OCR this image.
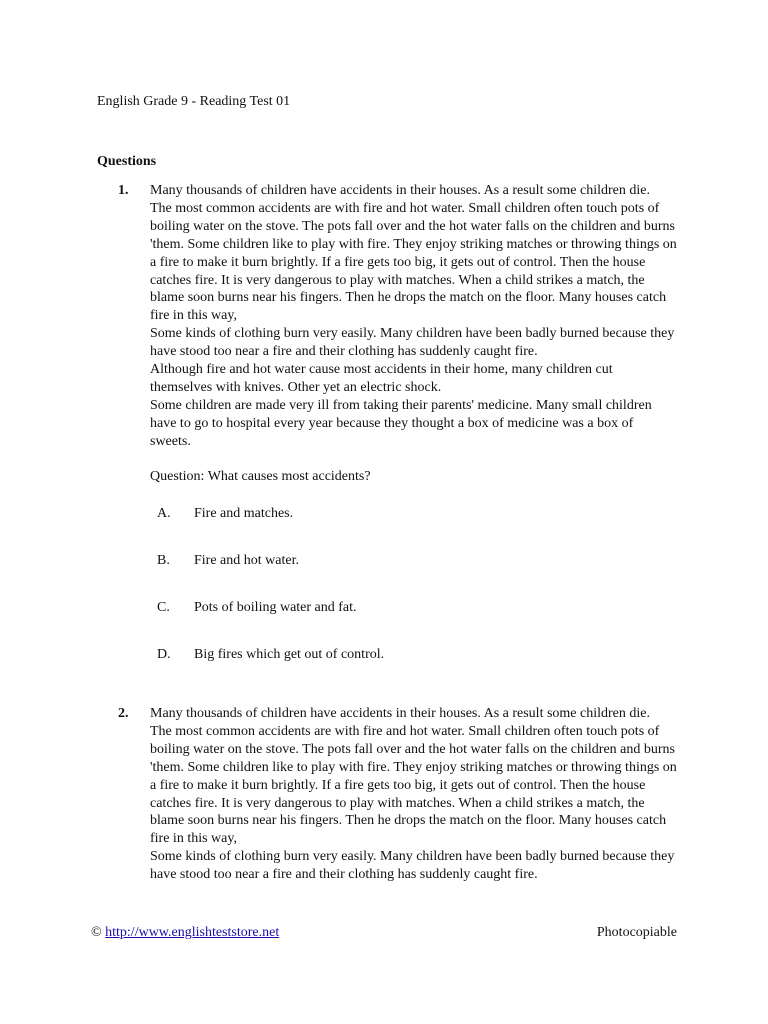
English Grade 9 - Reading Test 01
Questions
1. Many thousands of children have accidents in their houses. As a result some children die.

The most common accidents are with fire and hot water. Small children often touch pots of boiling water on the stove. The pots fall over and the hot water falls on the children and burns 'them. Some children like to play with fire. They enjoy striking matches or throwing things on a fire to make it burn brightly. If a fire gets too big, it gets out of control. Then the house catches fire. It is very dangerous to play with matches. When a child strikes a match, the blame soon burns near his fingers. Then he drops the match on the floor. Many houses catch fire in this way,

Some kinds of clothing burn very easily. Many children have been badly burned because they have stood too near a fire and their clothing has suddenly caught fire.

Although fire and hot water cause most accidents in their home, many children cut themselves with knives. Other yet an electric shock.

Some children are made very ill from taking their parents' medicine. Many small children have to go to hospital every year because they thought a box of medicine was a box of sweets.

Question: What causes most accidents?

A.	Fire and matches.
B.	Fire and hot water.
C.	Pots of boiling water and fat.
D.	Big fires which get out of control.
2. Many thousands of children have accidents in their houses. As a result some children die.

The most common accidents are with fire and hot water. Small children often touch pots of boiling water on the stove. The pots fall over and the hot water falls on the children and burns 'them. Some children like to play with fire. They enjoy striking matches or throwing things on a fire to make it burn brightly. If a fire gets too big, it gets out of control. Then the house catches fire. It is very dangerous to play with matches. When a child strikes a match, the blame soon burns near his fingers. Then he drops the match on the floor. Many houses catch fire in this way,

Some kinds of clothing burn very easily. Many children have been badly burned because they have stood too near a fire and their clothing has suddenly caught fire.

© http://www.englishteststore.net	Photocopiable
